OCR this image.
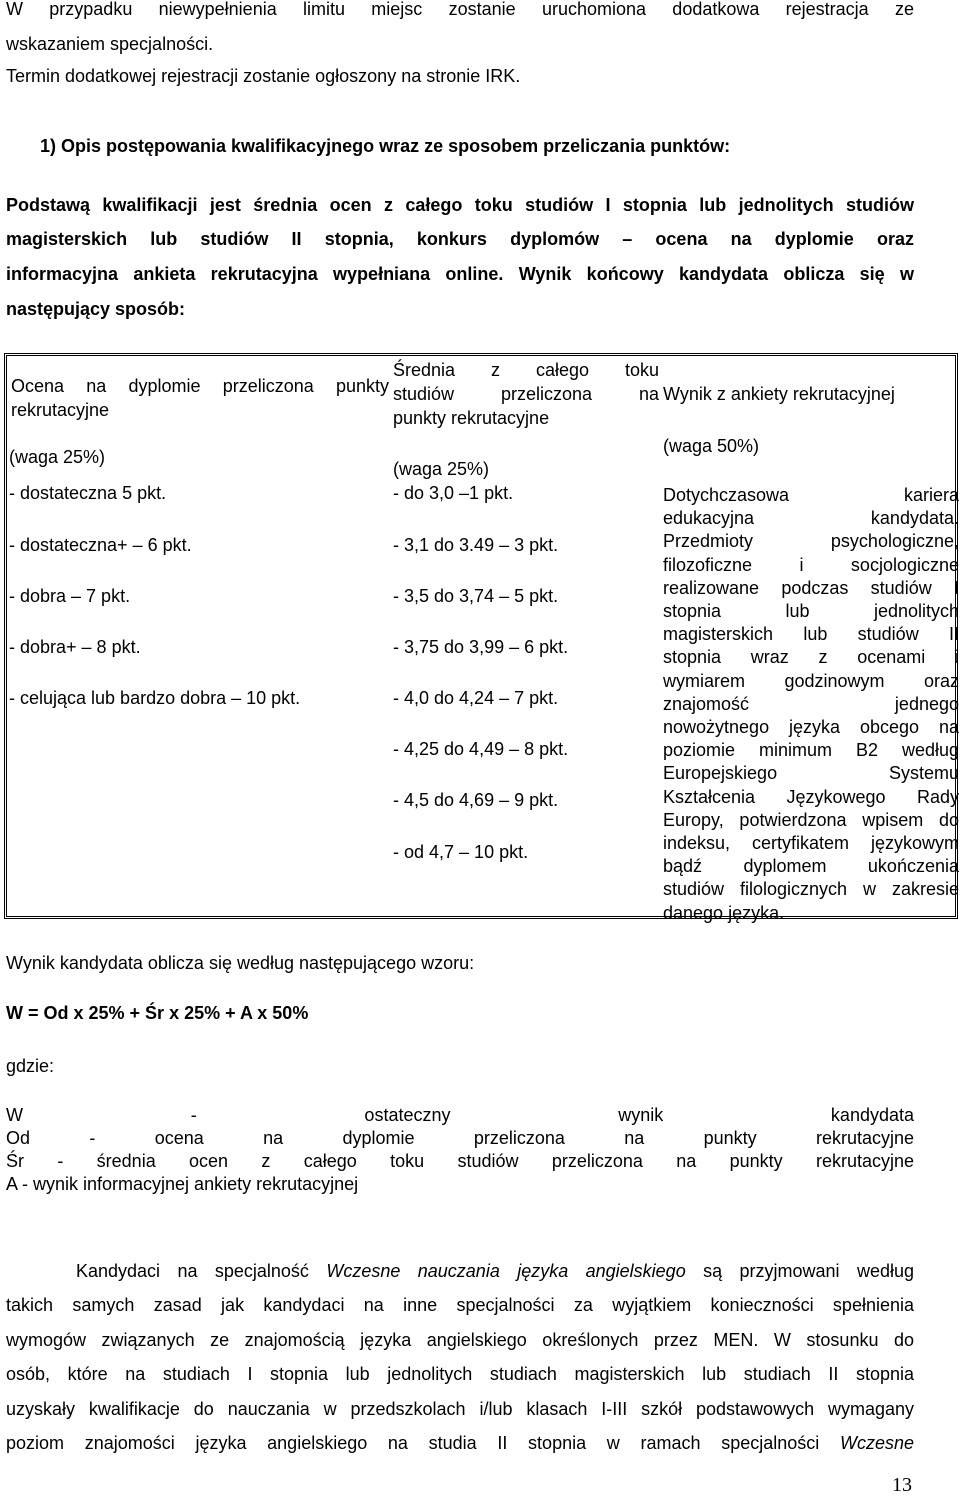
W przypadku niewypełnienia limitu miejsc zostanie uruchomiona dodatkowa rejestracja ze
wskazaniem specjalności.
Termin dodatkowej rejestracji zostanie ogłoszony na stronie IRK.
1) Opis postępowania kwalifikacyjnego wraz ze sposobem przeliczania punktów:
Podstawą kwalifikacji jest średnia ocen z całego toku studiów I stopnia lub jednolitych studiów
magisterskich lub studiów II stopnia, konkurs dyplomów – ocena na dyplomie oraz
informacyjna ankieta rekrutacyjna wypełniana online. Wynik końcowy kandydata oblicza się w
następujący sposób:
Ocena na dyplomie przeliczona punkty
rekrutacyjne
(waga 25%)
- dostateczna 5 pkt.
- dostateczna+ – 6 pkt.
- dobra – 7 pkt.
- dobra+ – 8 pkt.
- celująca lub bardzo dobra – 10 pkt.
Średnia z całego toku
studiów przeliczona na
punkty rekrutacyjne
(waga 25%)
- do 3,0 –1 pkt.
- 3,1 do 3.49 – 3 pkt.
- 3,5 do 3,74 – 5 pkt.
- 3,75 do 3,99 – 6 pkt.
- 4,0 do 4,24 – 7 pkt.
- 4,25 do 4,49 – 8 pkt.
- 4,5 do 4,69 – 9 pkt.
- od 4,7 – 10 pkt.
Wynik z ankiety rekrutacyjnej
(waga 50%)
Dotychczasowa kariera
edukacyjna kandydata.
Przedmioty psychologiczne,
filozoficzne i socjologiczne
realizowane podczas studiów I
stopnia lub jednolitych
magisterskich lub studiów II
stopnia wraz z ocenami i
wymiarem godzinowym oraz
znajomość jednego
nowożytnego języka obcego na
poziomie minimum B2 według
Europejskiego Systemu
Kształcenia Językowego Rady
Europy, potwierdzona wpisem do
indeksu, certyfikatem językowym
bądź dyplomem ukończenia
studiów filologicznych w zakresie
danego języka.
Wynik kandydata oblicza się według następującego wzoru:
W = Od x 25% + Śr x 25% + A x 50%
gdzie:
W - ostateczny wynik kandydata
Od - ocena na dyplomie przeliczona na punkty rekrutacyjne
Śr - średnia ocen z całego toku studiów przeliczona na punkty rekrutacyjne
A - wynik informacyjnej ankiety rekrutacyjnej
Kandydaci na specjalność Wczesne nauczania języka angielskiego są przyjmowani według
takich samych zasad jak kandydaci na inne specjalności za wyjątkiem konieczności spełnienia
wymogów związanych ze znajomością języka angielskiego określonych przez MEN. W stosunku do
osób, które na studiach I stopnia lub jednolitych studiach magisterskich lub studiach II stopnia
uzyskały kwalifikacje do nauczania w przedszkolach i/lub klasach I-III szkół podstawowych wymagany
poziom znajomości języka angielskiego na studia II stopnia w ramach specjalności Wczesne
13
